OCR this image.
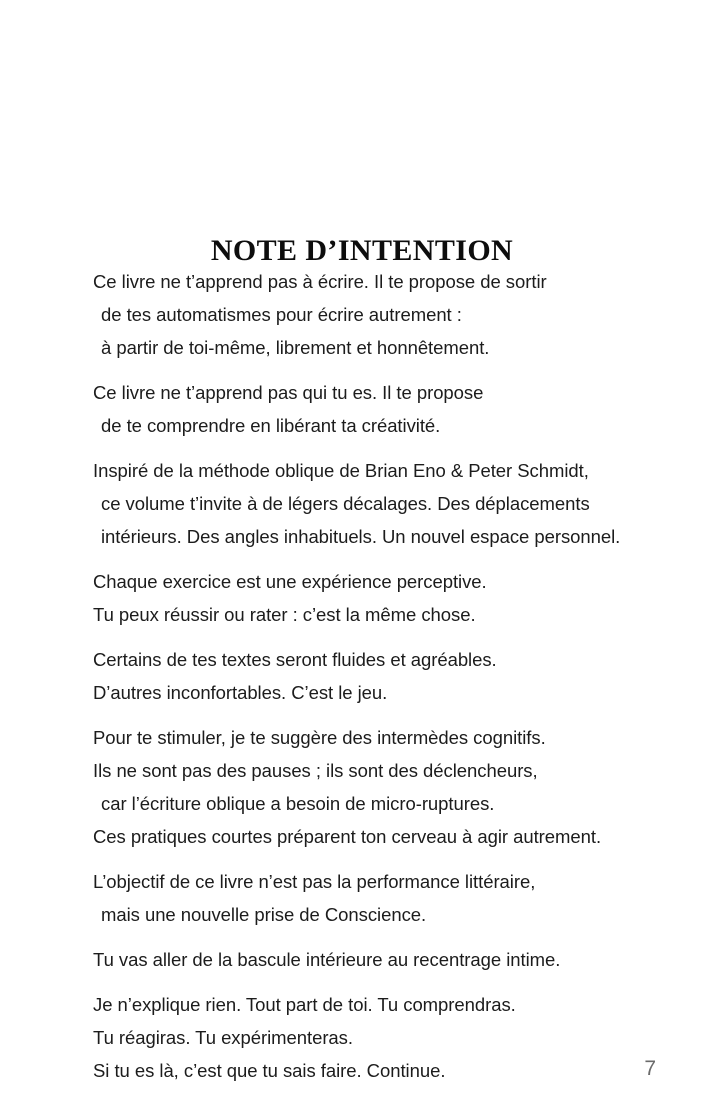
NOTE D’INTENTION

Ce livre ne t’apprend pas à écrire. Il te propose de sortir
de tes automatismes pour écrire autrement :
à partir de toi-même, librement et honnêtement.

Ce livre ne t’apprend pas qui tu es. Il te propose
de te comprendre en libérant ta créativité.

Inspiré de la méthode oblique de Brian Eno & Peter Schmidt,
ce volume t’invite à de légers décalages. Des déplacements
intérieurs. Des angles inhabituels. Un nouvel espace personnel.

Chaque exercice est une expérience perceptive.
Tu peux réussir ou rater : c’est la même chose.

Certains de tes textes seront fluides et agréables.
D’autres inconfortables. C’est le jeu.

Pour te stimuler, je te suggère des intermèdes cognitifs.
Ils ne sont pas des pauses ; ils sont des déclencheurs,
car l’écriture oblique a besoin de micro-ruptures.
Ces pratiques courtes préparent ton cerveau à agir autrement.

L’objectif de ce livre n’est pas la performance littéraire,
mais une nouvelle prise de Conscience.

Tu vas aller de la bascule intérieure au recentrage intime.

Je n’explique rien. Tout part de toi. Tu comprendras.
Tu réagiras. Tu expérimenteras.
Si tu es là, c’est que tu sais faire. Continue.	7
